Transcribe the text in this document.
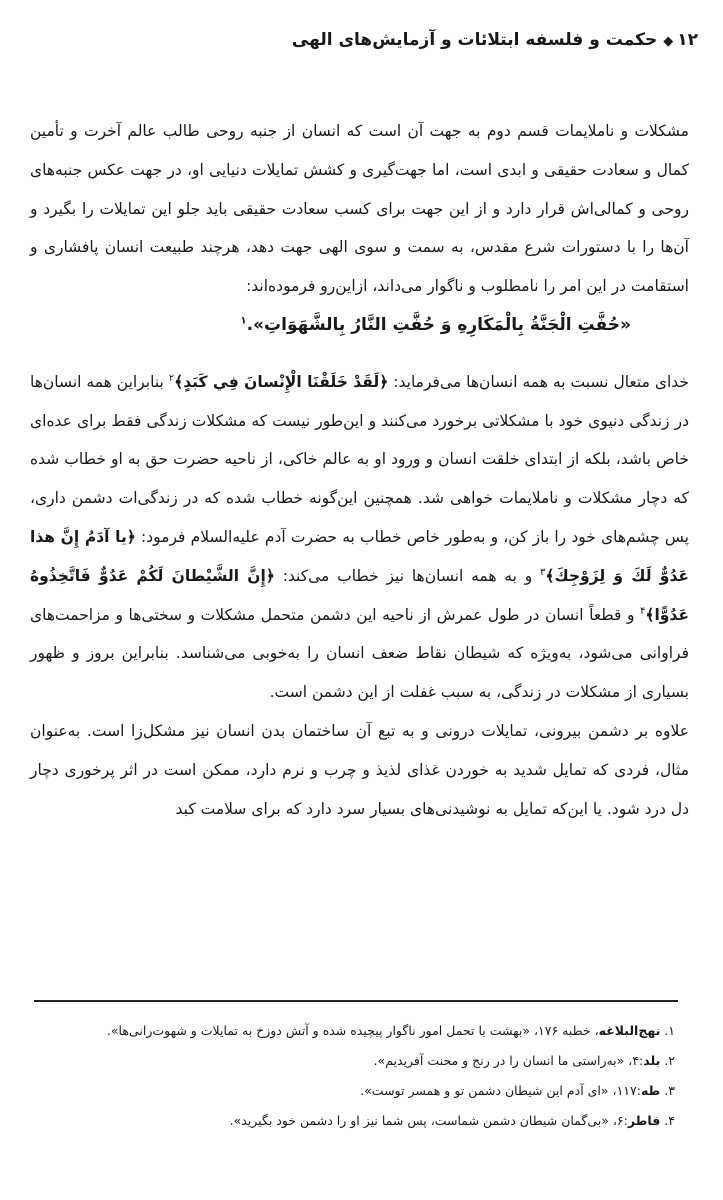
۱۲◆حکمت و فلسفه ابتلائات و آزمایش‌های الهی

مشکلات و ناملایمات قسم دوم به جهت آن است که انسان از جنبه روحی طالب عالم آخرت و تأمین کمال و سعادت حقیقی و ابدی است، اما جهت‌گیری و کشش تمایلات دنیایی او، در جهت عکس جنبه‌های روحی و کمالی‌اش قرار دارد و از این جهت برای کسب سعادت حقیقی باید جلو این تمایلات را بگیرد و آن‌ها را با دستورات شرع مقدس، به سمت و سوی الهی جهت دهد، هرچند طبیعت انسان پافشاری و استقامت در این امر را نامطلوب و ناگوار می‌داند، ازاین‌رو فرموده‌اند:

«حُفَّتِ الْجَنَّةُ بِالْمَكَارِهِ وَ حُفَّتِ النَّارُ بِالشَّهَوَاتِ».$^۱$

خدای متعال نسبت به همه انسان‌ها می‌فرماید: ﴿لَقَدْ خَلَقْنَا الْإِنْسانَ فِي كَبَدٍ﴾$^۲$ بنابراین همه انسان‌ها در زندگی دنیوی خود با مشکلاتی برخورد می‌کنند و این‌طور نیست که مشکلات زندگی فقط برای عده‌ای خاص باشد، بلکه از ابتدای خلقت انسان و ورود او به عالم خاکی، از ناحیه حضرت حق به او خطاب شده که دچار مشکلات و ناملایمات خواهی شد. همچنین این‌گونه خطاب شده که در زندگی‌ات دشمن داری، پس چشم‌های خود را باز کن، و به‌طور خاص خطاب به حضرت آدم عليه‌السلام فرمود: ﴿يا آدَمُ إِنَّ هذا عَدُوٌّ لَكَ وَ لِزَوْجِكَ﴾$^۳$ و به همه انسان‌ها نیز خطاب می‌کند: ﴿إِنَّ الشَّيْطانَ لَكُمْ عَدُوٌّ فَاتَّخِذُوهُ عَدُوًّا﴾$^۴$ و قطعاً انسان در طول عمرش از ناحیه این دشمن متحمل مشکلات و سختی‌ها و مزاحمت‌های فراوانی می‌شود، به‌ویژه که شیطان نقاط ضعف انسان را به‌خوبی می‌شناسد. بنابراین بروز و ظهور بسیاری از مشکلات در زندگی، به سبب غفلت از این دشمن است.

علاوه بر دشمن بیرونی، تمایلات درونی و به تبع آن ساختمان بدن انسان نیز مشکل‌زا است. به‌عنوان مثال، فردی که تمایل شدید به خوردن غذای لذیذ و چرب و نرم دارد، ممکن است در اثر پرخوری دچار دل درد شود. یا این‌که تمایل به نوشیدنی‌های بسیار سرد دارد که برای سلامت کبد

۱.نهج‌البلاغه، خطبه ۱۷۶، «بهشت با تحمل امور ناگوار پیچیده شده و آتش دوزخ به تمایلات و شهوت‌رانی‌ها».
۲.بلد:۴، «به‌راستی ما انسان را در رنج و محنت آفریدیم».
۳.طه:۱۱۷، «ای آدم این شیطان دشمن تو و همسر توست».
۴.فاطر:۶، «بی‌گمان شیطان دشمن شماست، پس شما نیز او را دشمن خود بگیرید».
